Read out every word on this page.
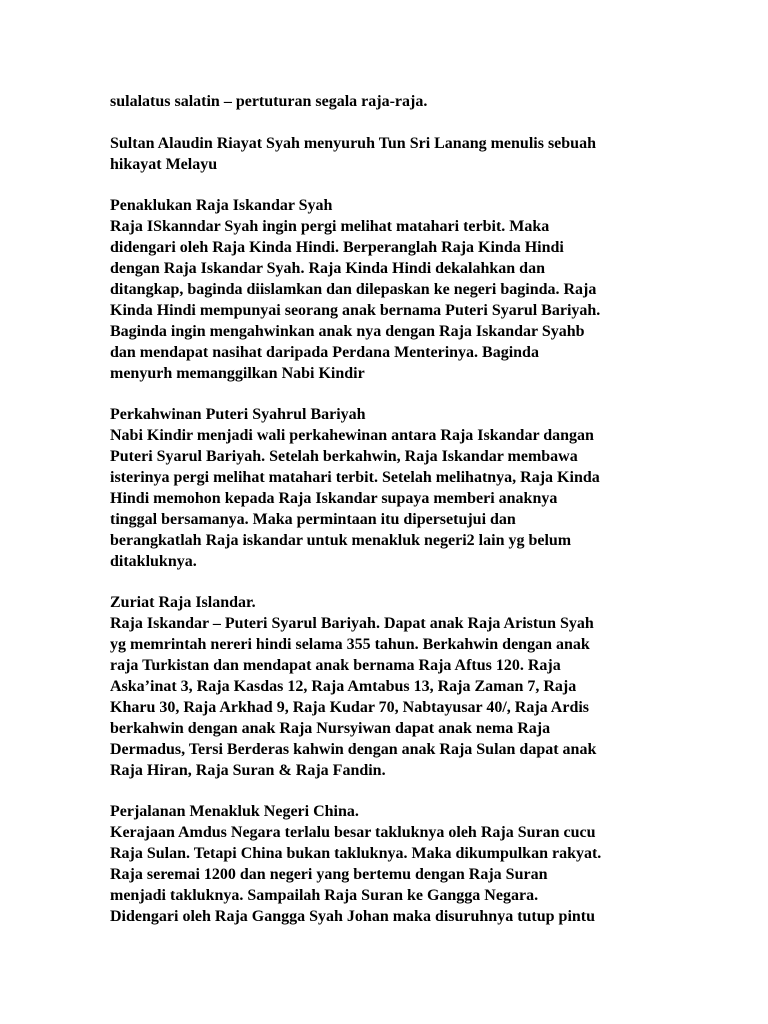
sulalatus salatin – pertuturan segala raja-raja.
Sultan Alaudin Riayat Syah menyuruh Tun Sri Lanang menulis sebuah
hikayat Melayu
Penaklukan Raja Iskandar Syah
Raja ISkanndar Syah ingin pergi melihat matahari terbit. Maka
didengari oleh Raja Kinda Hindi. Berperanglah Raja Kinda Hindi
dengan Raja Iskandar Syah. Raja Kinda Hindi dekalahkan dan
ditangkap, baginda diislamkan dan dilepaskan ke negeri baginda. Raja
Kinda Hindi mempunyai seorang anak bernama Puteri Syarul Bariyah.
Baginda ingin mengahwinkan anak nya dengan Raja Iskandar Syahb
dan mendapat nasihat daripada Perdana Menterinya. Baginda
menyurh memanggilkan Nabi Kindir
Perkahwinan Puteri Syahrul Bariyah
Nabi Kindir menjadi wali perkahewinan antara Raja Iskandar dangan
Puteri Syarul Bariyah. Setelah berkahwin, Raja Iskandar membawa
isterinya pergi melihat matahari terbit. Setelah melihatnya, Raja Kinda
Hindi memohon kepada Raja Iskandar supaya memberi anaknya
tinggal bersamanya. Maka permintaan itu dipersetujui dan
berangkatlah Raja iskandar untuk menakluk negeri2 lain yg belum
ditakluknya.
Zuriat Raja Islandar.
Raja Iskandar – Puteri Syarul Bariyah. Dapat anak Raja Aristun Syah
yg memrintah nereri hindi selama 355 tahun. Berkahwin dengan anak
raja Turkistan dan mendapat anak bernama Raja Aftus 120. Raja
Aska’inat 3, Raja Kasdas 12, Raja Amtabus 13, Raja Zaman 7, Raja
Kharu 30, Raja Arkhad 9, Raja Kudar 70, Nabtayusar 40/, Raja Ardis
berkahwin dengan anak Raja Nursyiwan dapat anak nema Raja
Dermadus, Tersi Berderas kahwin dengan anak Raja Sulan dapat anak
Raja Hiran, Raja Suran & Raja Fandin.
Perjalanan Menakluk Negeri China.
Kerajaan Amdus Negara terlalu besar takluknya oleh Raja Suran cucu
Raja Sulan. Tetapi China bukan takluknya. Maka dikumpulkan rakyat.
Raja seremai 1200 dan negeri yang bertemu dengan Raja Suran
menjadi takluknya. Sampailah Raja Suran ke Gangga Negara.
Didengari oleh Raja Gangga Syah Johan maka disuruhnya tutup pintu
